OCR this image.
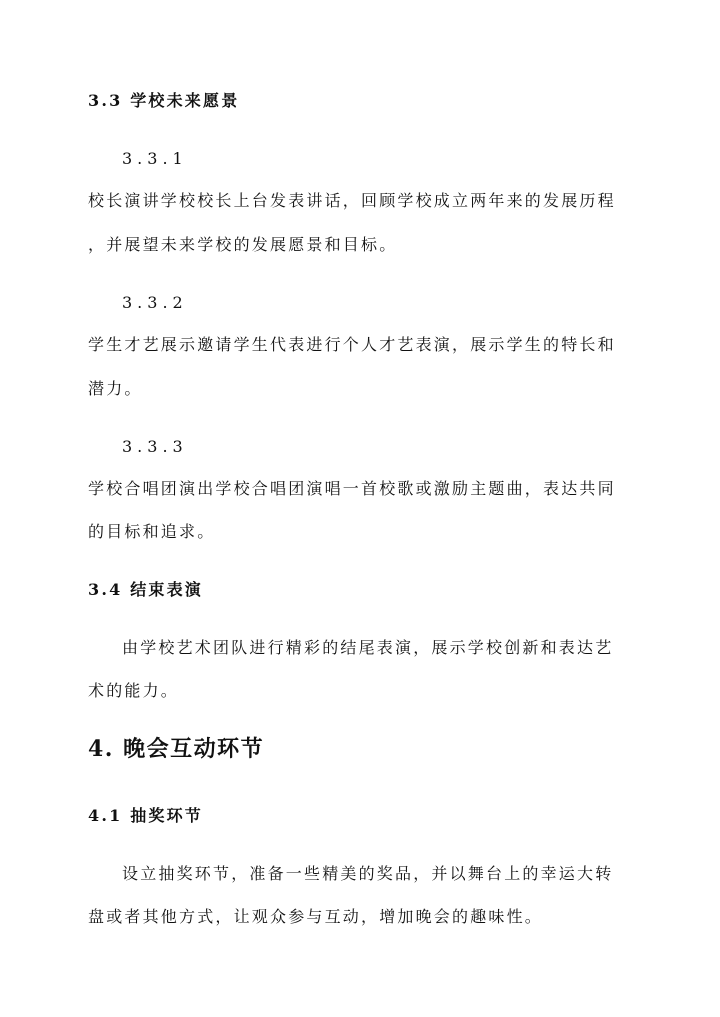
3.3 学校未来愿景
3.3.1
校长演讲学校校长上台发表讲话，回顾学校成立两年来的发展历程
，并展望未来学校的发展愿景和目标。
3.3.2
学生才艺展示邀请学生代表进行个人才艺表演，展示学生的特长和
潜力。
3.3.3
学校合唱团演出学校合唱团演唱一首校歌或激励主题曲，表达共同
的目标和追求。
3.4 结束表演
由学校艺术团队进行精彩的结尾表演，展示学校创新和表达艺
术的能力。
4. 晚会互动环节
4.1 抽奖环节
设立抽奖环节，准备一些精美的奖品，并以舞台上的幸运大转
盘或者其他方式，让观众参与互动，增加晚会的趣味性。
